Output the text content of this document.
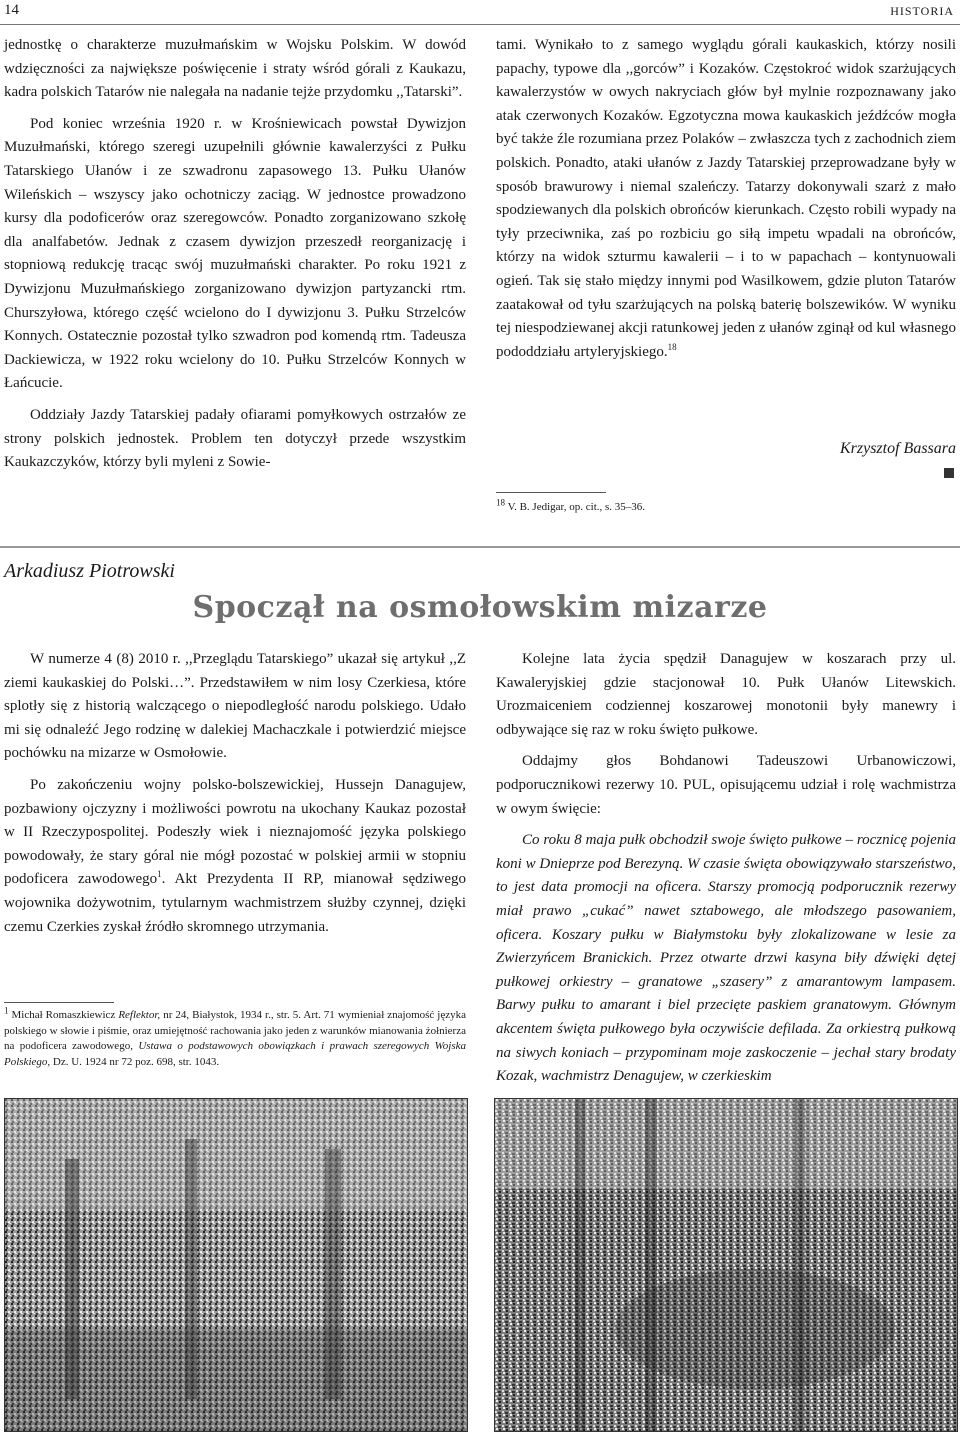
14	HISTORIA

jednostkę o charakterze muzułmańskim w Wojsku Polskim. W dowód wdzięczności za największe poświęcenie i straty wśród górali z Kaukazu, kadra polskich Tatarów nie nalegała na nadanie tejże przydomku ,,Tatarski”.

Pod koniec września 1920 r. w Krośniewicach powstał Dywizjon Muzułmański, którego szeregi uzupełnili głównie kawalerzyści z Pułku Tatarskiego Ułanów i ze szwadronu zapasowego 13. Pułku Ułanów Wileńskich – wszyscy jako ochotniczy zaciąg. W jednostce prowadzono kursy dla podoficerów oraz szeregowców. Ponadto zorganizowano szkołę dla analfabetów. Jednak z czasem dywizjon przeszedł reorganizację i stopniową redukcję tracąc swój muzułmański charakter. Po roku 1921 z Dywizjonu Muzułmańskiego zorganizowano dywizjon partyzancki rtm. Churszyłowa, którego część wcielono do I dywizjonu 3. Pułku Strzelców Konnych. Ostatecznie pozostał tylko szwadron pod komendą rtm. Tadeusza Dackiewicza, w 1922 roku wcielony do 10. Pułku Strzelców Konnych w Łańcucie.

Oddziały Jazdy Tatarskiej padały ofiarami pomyłkowych ostrzałów ze strony polskich jednostek. Problem ten dotyczył przede wszystkim Kaukazczyków, którzy byli myleni z Sowie-

tami. Wynikało to z samego wyglądu górali kaukaskich, którzy nosili papachy, typowe dla ,,gorców” i Kozaków. Częstokroć widok szarżujących kawalerzystów w owych nakryciach głów był mylnie rozpoznawany jako atak czerwonych Kozaków. Egzotyczna mowa kaukaskich jeźdźców mogła być także źle rozumiana przez Polaków – zwłaszcza tych z zachodnich ziem polskich. Ponadto, ataki ułanów z Jazdy Tatarskiej przeprowadzane były w sposób brawurowy i niemal szaleńczy. Tatarzy dokonywali szarż z mało spodziewanych dla polskich obrońców kierunkach. Często robili wypady na tyły przeciwnika, zaś po rozbiciu go siłą impetu wpadali na obrońców, którzy na widok szturmu kawalerii – i to w papachach – kontynuowali ogień. Tak się stało między innymi pod Wasilkowem, gdzie pluton Tatarów zaatakował od tyłu szarżujących na polską baterię bolszewików. W wyniku tej niespodziewanej akcji ratunkowej jeden z ułanów zginął od kul własnego pododdziału artyleryjskiego.$^{18}$

Krzysztof Bassara
$^{18}$ V. B. Jedigar, op. cit., s. 35–36.
Arkadiusz Piotrowski
Spoczął na osmołowskim mizarze

W numerze 4 (8) 2010 r. ,,Przeglądu Tatarskiego” ukazał się artykuł ,,Z ziemi kaukaskiej do Polski…”. Przedstawiłem w nim losy Czerkiesa, które splotły się z historią walczącego o niepodległość narodu polskiego. Udało mi się odnaleźć Jego rodzinę w dalekiej Machaczkale i potwierdzić miejsce pochówku na mizarze w Osmołowie.

Po zakończeniu wojny polsko-bolszewickiej, Hussejn Danagujew, pozbawiony ojczyzny i możliwości powrotu na ukochany Kaukaz pozostał w II Rzeczypospolitej. Podeszły wiek i nieznajomość języka polskiego powodowały, że stary góral nie mógł pozostać w polskiej armii w stopniu podoficera zawodowego$^1$. Akt Prezydenta II RP, mianował sędziwego wojownika dożywotnim, tytularnym wachmistrzem służby czynnej, dzięki czemu Czerkies zyskał źródło skromnego utrzymania.

$^1$ Michał Romaszkiewicz Reflektor, nr 24, Białystok, 1934 r., str. 5. Art. 71 wymieniał znajomość języka polskiego w słowie i piśmie, oraz umiejętność rachowania jako jeden z warunków mianowania żołnierza na podoficera zawodowego, Ustawa o podstawowych obowiązkach i prawach szeregowych Wojska Polskiego, Dz. U. 1924 nr 72 poz. 698, str. 1043.

Kolejne lata życia spędził Danagujew w koszarach przy ul. Kawaleryjskiej gdzie stacjonował 10. Pułk Ułanów Litewskich. Urozmaiceniem codziennej koszarowej monotonii były manewry i odbywające się raz w roku święto pułkowe.

Oddajmy głos Bohdanowi Tadeuszowi Urbanowiczowi, podporucznikowi rezerwy 10. PUL, opisującemu udział i rolę wachmistrza w owym święcie:

Co roku 8 maja pułk obchodził swoje święto pułkowe – rocznicę pojenia koni w Dnieprze pod Berezyną. W czasie święta obowiązywało starszeństwo, to jest data promocji na oficera. Starszy promocją podporucznik rezerwy miał prawo „cukać” nawet sztabowego, ale młodszego pasowaniem, oficera. Koszary pułku w Białymstoku były zlokalizowane w lesie za Zwierzyńcem Branickich. Przez otwarte drzwi kasyna biły dźwięki dętej pułkowej orkiestry – granatowe „szasery” z amarantowym lampasem. Barwy pułku to amarant i biel przecięte paskiem granatowym. Głównym akcentem święta pułkowego była oczywiście defilada. Za orkiestrą pułkową na siwych koniach – przypominam moje zaskoczenie – jechał stary brodaty Kozak, wachmistrz Denagujew, w czerkieskim
